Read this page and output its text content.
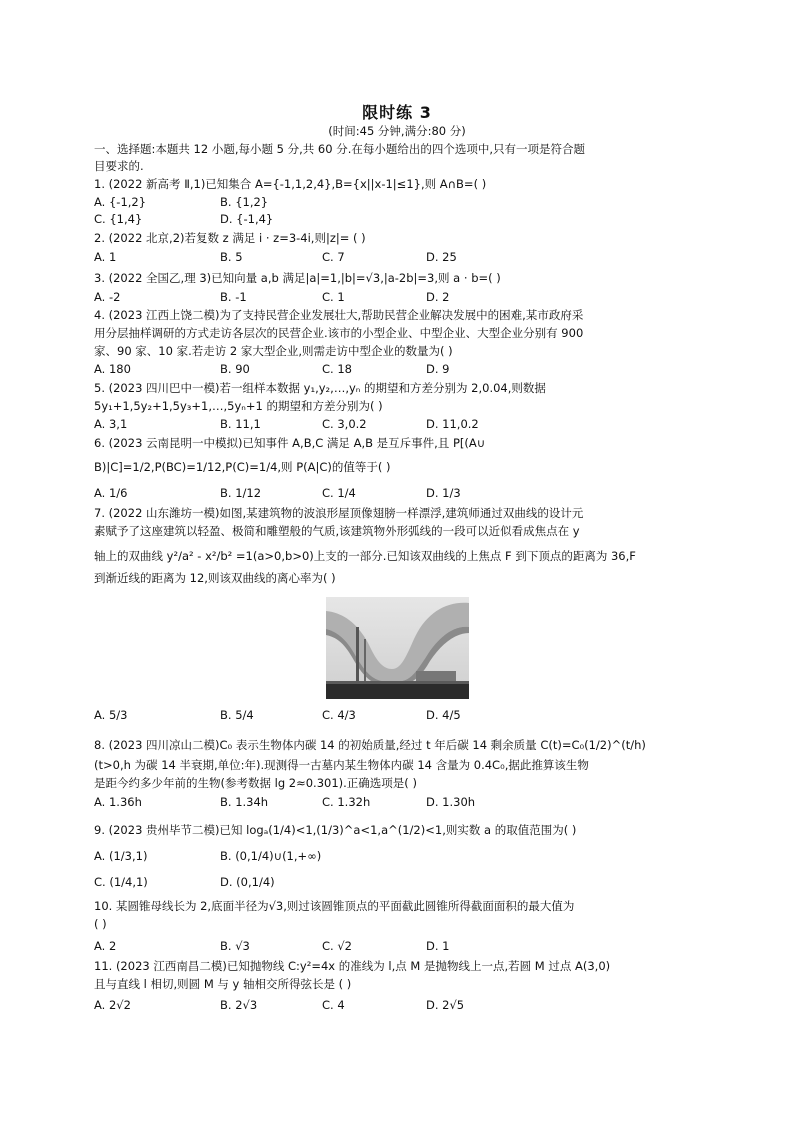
限时练 3
(时间:45 分钟,满分:80 分)
一、选择题:本题共 12 小题,每小题 5 分,共 60 分.在每小题给出的四个选项中,只有一项是符合题
目要求的.
1. (2022 新高考 Ⅱ,1)已知集合 A={-1,1,2,4},B={x||x-1|≤1},则 A∩B=( )
A. {-1,2}	B. {1,2}
C. {1,4}	D. {-1,4}
2. (2022 北京,2)若复数 z 满足 i · z=3-4i,则|z|= ( )
A. 1	B. 5	C. 7	D. 25
3. (2022 全国乙,理 3)已知向量 a,b 满足|a|=1,|b|=√3,|a-2b|=3,则 a · b=( )
A. -2	B. -1	C. 1	D. 2
4. (2023 江西上饶二模)为了支持民营企业发展壮大,帮助民营企业解决发展中的困难,某市政府采
用分层抽样调研的方式走访各层次的民营企业.该市的小型企业、中型企业、大型企业分别有 900
家、90 家、10 家.若走访 2 家大型企业,则需走访中型企业的数量为( )
A. 180	B. 90	C. 18	D. 9
5. (2023 四川巴中一模)若一组样本数据 y₁,y₂,…,yₙ 的期望和方差分别为 2,0.04,则数据
5y₁+1,5y₂+1,5y₃+1,…,5yₙ+1 的期望和方差分别为( )
A. 3,1	B. 11,1	C. 3,0.2	D. 11,0.2
6. (2023 云南昆明一中模拟)已知事件 A,B,C 满足 A,B 是互斥事件,且 P[(A∪
B)|C]=1/2,P(BC)=1/12,P(C)=1/4,则 P(A|C)的值等于( )
A. 1/6	B. 1/12	C. 1/4	D. 1/3
7. (2022 山东潍坊一模)如图,某建筑物的波浪形屋顶像翅膀一样漂浮,建筑师通过双曲线的设计元
素赋予了这座建筑以轻盈、极简和雕塑般的气质,该建筑物外形弧线的一段可以近似看成焦点在 y
轴上的双曲线 y²/a² - x²/b² =1(a>0,b>0)上支的一部分.已知该双曲线的上焦点 F 到下顶点的距离为 36,F
到渐近线的距离为 12,则该双曲线的离心率为( )
A. 5/3	B. 5/4	C. 4/3	D. 4/5
8. (2023 四川凉山二模)C₀ 表示生物体内碳 14 的初始质量,经过 t 年后碳 14 剩余质量 C(t)=C₀(1/2)^(t/h)
(t>0,h 为碳 14 半衰期,单位:年).现测得一古墓内某生物体内碳 14 含量为 0.4C₀,据此推算该生物
是距今约多少年前的生物(参考数据 lg 2≈0.301).正确选项是( )
A. 1.36h	B. 1.34h	C. 1.32h	D. 1.30h
9. (2023 贵州毕节二模)已知 logₐ(1/4)<1,(1/3)^a<1,a^(1/2)<1,则实数 a 的取值范围为( )
A. (1/3,1)	B. (0,1/4)∪(1,+∞)
C. (1/4,1)	D. (0,1/4)
10. 某圆锥母线长为 2,底面半径为√3,则过该圆锥顶点的平面截此圆锥所得截面面积的最大值为
( )
A. 2	B. √3	C. √2	D. 1
11. (2023 江西南昌二模)已知抛物线 C:y²=4x 的准线为 l,点 M 是抛物线上一点,若圆 M 过点 A(3,0)
且与直线 l 相切,则圆 M 与 y 轴相交所得弦长是 ( )
A. 2√2	B. 2√3	C. 4	D. 2√5
